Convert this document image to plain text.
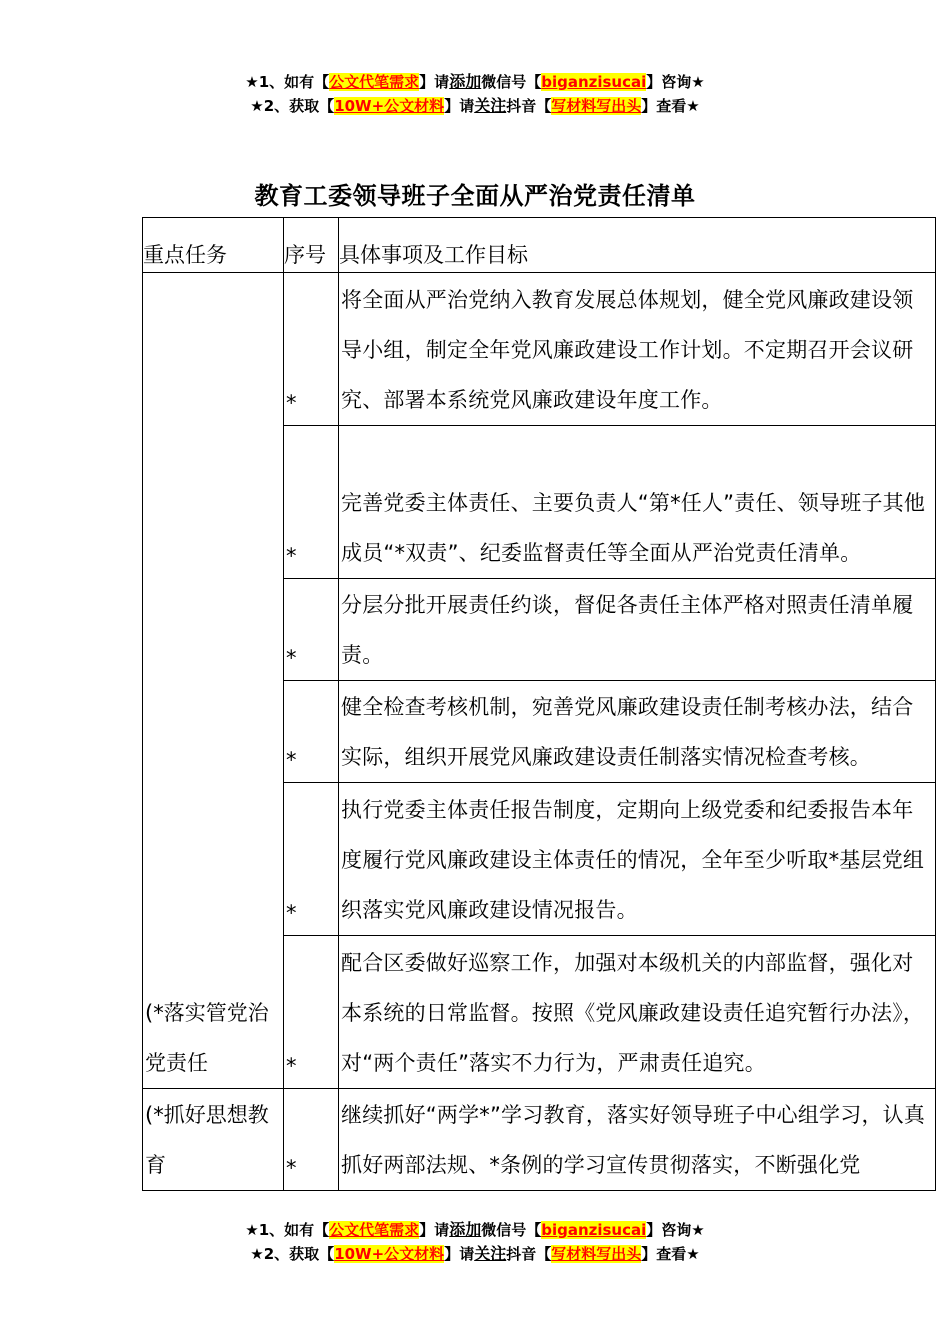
★1、如有【公文代笔需求】请添加微信号【biganzisucai】咨询★
★2、获取【10W+公文材料】请关注抖音【写材料写出头】查看★
教育工委领导班子全面从严治党责任清单
重点任务	序号	具体事项及工作目标
(*落实管党治党责任	*	将全面从严治党纳入教育发展总体规划，健全党风廉政建设领导小组，制定全年党风廉政建设工作计划。不定期召开会议研究、部署本系统党风廉政建设年度工作。
	*	完善党委主体责任、主要负责人“第*任人”责任、领导班子其他成员“*双责”、纪委监督责任等全面从严治党责任清单。
	*	分层分批开展责任约谈，督促各责任主体严格对照责任清单履责。
	*	健全检查考核机制，宛善党风廉政建设责任制考核办法，结合实际，组织开展党风廉政建设责任制落实情况检查考核。
	*	执行党委主体责任报告制度，定期向上级党委和纪委报告本年度履行党风廉政建设主体责任的情况，全年至少听取*基层党组织落实党风廉政建设情况报告。
	*	配合区委做好巡察工作，加强对本级机关的内部监督，强化对本系统的日常监督。按照《党风廉政建设责任追究暂行办法》，对“两个责任”落实不力行为，严肃责任追究。
(*抓好思想教育	*	继续抓好“两学*”学习教育，落实好领导班子中心组学习，认真抓好两部法规、*条例的学习宣传贯彻落实，不断强化党
★1、如有【公文代笔需求】请添加微信号【biganzisucai】咨询★
★2、获取【10W+公文材料】请关注抖音【写材料写出头】查看★
